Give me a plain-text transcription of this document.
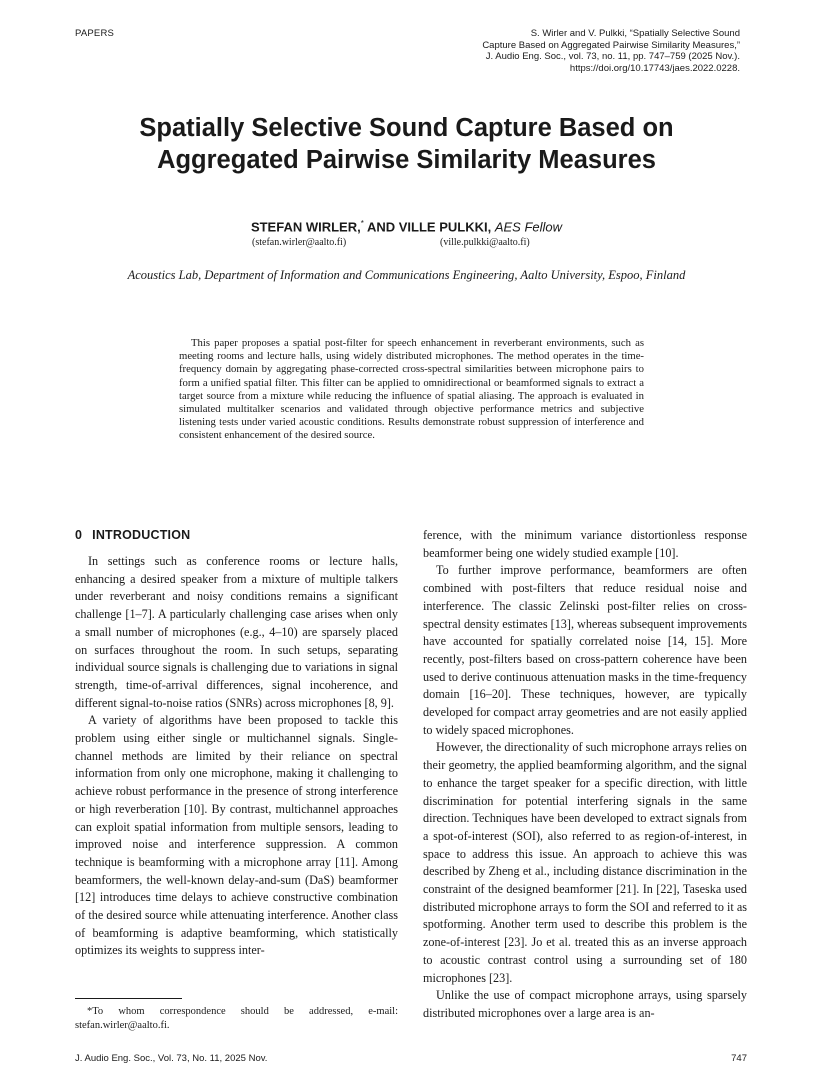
PAPERS	S. Wirler and V. Pulkki, “Spatially Selective Sound
Capture Based on Aggregated Pairwise Similarity Measures,”
J. Audio Eng. Soc., vol. 73, no. 11, pp. 747–759 (2025 Nov.).
https://doi.org/10.17743/jaes.2022.0228.
Spatially Selective Sound Capture Based on
Aggregated Pairwise Similarity Measures
STEFAN WIRLER,* AND VILLE PULKKI, AES Fellow
(stefan.wirler@aalto.fi)	(ville.pulkki@aalto.fi)
Acoustics Lab, Department of Information and Communications Engineering, Aalto University, Espoo, Finland

This paper proposes a spatial post-filter for speech enhancement in reverberant environments, such as meeting rooms and lecture halls, using widely distributed microphones. The method operates in the time-frequency domain by aggregating phase-corrected cross-spectral similarities between microphone pairs to form a unified spatial filter. This filter can be applied to omnidirectional or beamformed signals to extract a target source from a mixture while reducing the influence of spatial aliasing. The approach is evaluated in simulated multitalker scenarios and validated through objective performance metrics and subjective listening tests under varied acoustic conditions. Results demonstrate robust suppression of interference and consistent enhancement of the desired source.

0 INTRODUCTION

In settings such as conference rooms or lecture halls, enhancing a desired speaker from a mixture of multiple talkers under reverberant and noisy conditions remains a significant challenge [1–7]. A particularly challenging case arises when only a small number of microphones (e.g., 4–10) are sparsely placed on surfaces throughout the room. In such setups, separating individual source signals is challenging due to variations in signal strength, time-of-arrival differences, signal incoherence, and different signal-to-noise ratios (SNRs) across microphones [8, 9].

A variety of algorithms have been proposed to tackle this problem using either single or multichannel signals. Single-channel methods are limited by their reliance on spectral information from only one microphone, making it challenging to achieve robust performance in the presence of strong interference or high reverberation [10]. By contrast, multichannel approaches can exploit spatial information from multiple sensors, leading to improved noise and interference suppression. A common technique is beamforming with a microphone array [11]. Among beamformers, the well-known delay-and-sum (DaS) beamformer [12] introduces time delays to achieve constructive combination of the desired source while attenuating interference. Another class of beamforming is adaptive beamforming, which statistically optimizes its weights to suppress inter-

ference, with the minimum variance distortionless response beamformer being one widely studied example [10].

To further improve performance, beamformers are often combined with post-filters that reduce residual noise and interference. The classic Zelinski post-filter relies on cross-spectral density estimates [13], whereas subsequent improvements have accounted for spatially correlated noise [14, 15]. More recently, post-filters based on cross-pattern coherence have been used to derive continuous attenuation masks in the time-frequency domain [16–20]. These techniques, however, are typically developed for compact array geometries and are not easily applied to widely spaced microphones.

However, the directionality of such microphone arrays relies on their geometry, the applied beamforming algorithm, and the signal to enhance the target speaker for a specific direction, with little discrimination for potential interfering signals in the same direction. Techniques have been developed to extract signals from a spot-of-interest (SOI), also referred to as region-of-interest, in space to address this issue. An approach to achieve this was described by Zheng et al., including distance discrimination in the constraint of the designed beamformer [21]. In [22], Taseska used distributed microphone arrays to form the SOI and referred to it as spotforming. Another term used to describe this problem is the zone-of-interest [23]. Jo et al. treated this as an inverse approach to acoustic contrast control using a surrounding set of 180 microphones [23].

Unlike the use of compact microphone arrays, using sparsely distributed microphones over a large area is an-

*To whom correspondence should be addressed, e-mail: stefan.wirler@aalto.fi.

J. Audio Eng. Soc., Vol. 73, No. 11, 2025 Nov.	747
